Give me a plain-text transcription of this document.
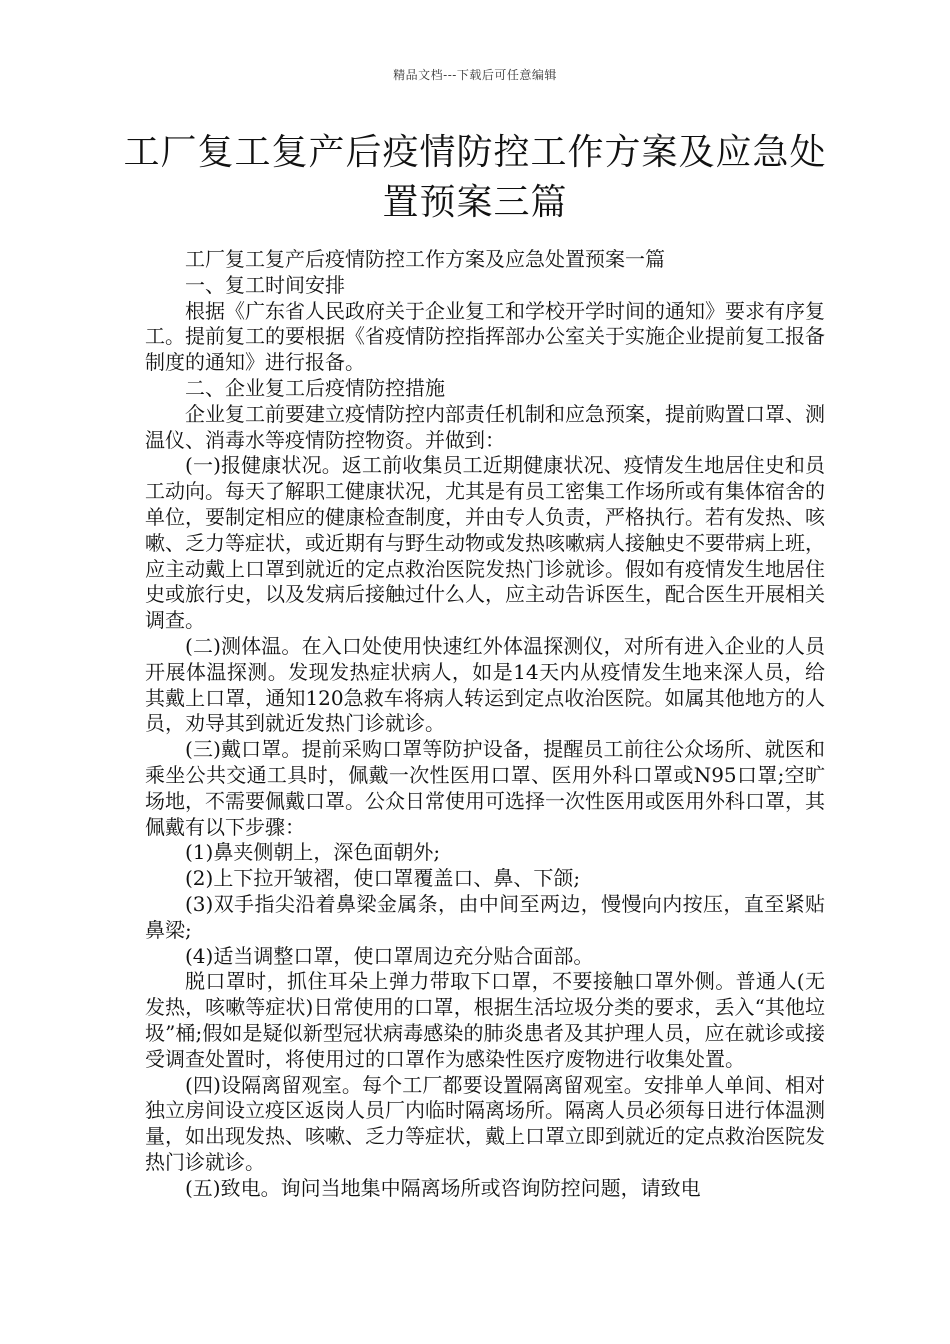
精品文档---下载后可任意编辑
工厂复工复产后疫情防控工作方案及应急处置预案三篇

工厂复工复产后疫情防控工作方案及应急处置预案一篇

一、复工时间安排

根据《广东省人民政府关于企业复工和学校开学时间的通知》要求有序复工。提前复工的要根据《省疫情防控指挥部办公室关于实施企业提前复工报备制度的通知》进行报备。

二、企业复工后疫情防控措施

企业复工前要建立疫情防控内部责任机制和应急预案，提前购置口罩、测温仪、消毒水等疫情防控物资。并做到：

(一)报健康状况。返工前收集员工近期健康状况、疫情发生地居住史和员工动向。每天了解职工健康状况，尤其是有员工密集工作场所或有集体宿舍的单位，要制定相应的健康检查制度，并由专人负责，严格执行。若有发热、咳嗽、乏力等症状，或近期有与野生动物或发热咳嗽病人接触史不要带病上班，应主动戴上口罩到就近的定点救治医院发热门诊就诊。假如有疫情发生地居住史或旅行史，以及发病后接触过什么人，应主动告诉医生，配合医生开展相关调查。

(二)测体温。在入口处使用快速红外体温探测仪，对所有进入企业的人员开展体温探测。发现发热症状病人，如是14天内从疫情发生地来深人员，给其戴上口罩，通知120急救车将病人转运到定点收治医院。如属其他地方的人员，劝导其到就近发热门诊就诊。

(三)戴口罩。提前采购口罩等防护设备，提醒员工前往公众场所、就医和乘坐公共交通工具时，佩戴一次性医用口罩、医用外科口罩或N95口罩;空旷场地，不需要佩戴口罩。公众日常使用可选择一次性医用或医用外科口罩，其佩戴有以下步骤：

(1)鼻夹侧朝上，深色面朝外;

(2)上下拉开皱褶，使口罩覆盖口、鼻、下颌;

(3)双手指尖沿着鼻梁金属条，由中间至两边，慢慢向内按压，直至紧贴鼻梁;

(4)适当调整口罩，使口罩周边充分贴合面部。

脱口罩时，抓住耳朵上弹力带取下口罩，不要接触口罩外侧。普通人(无发热，咳嗽等症状)日常使用的口罩，根据生活垃圾分类的要求，丢入“其他垃圾”桶;假如是疑似新型冠状病毒感染的肺炎患者及其护理人员，应在就诊或接受调查处置时，将使用过的口罩作为感染性医疗废物进行收集处置。

(四)设隔离留观室。每个工厂都要设置隔离留观室。安排单人单间、相对独立房间设立疫区返岗人员厂内临时隔离场所。隔离人员必须每日进行体温测量，如出现发热、咳嗽、乏力等症状，戴上口罩立即到就近的定点救治医院发热门诊就诊。

(五)致电。询问当地集中隔离场所或咨询防控问题，请致电
